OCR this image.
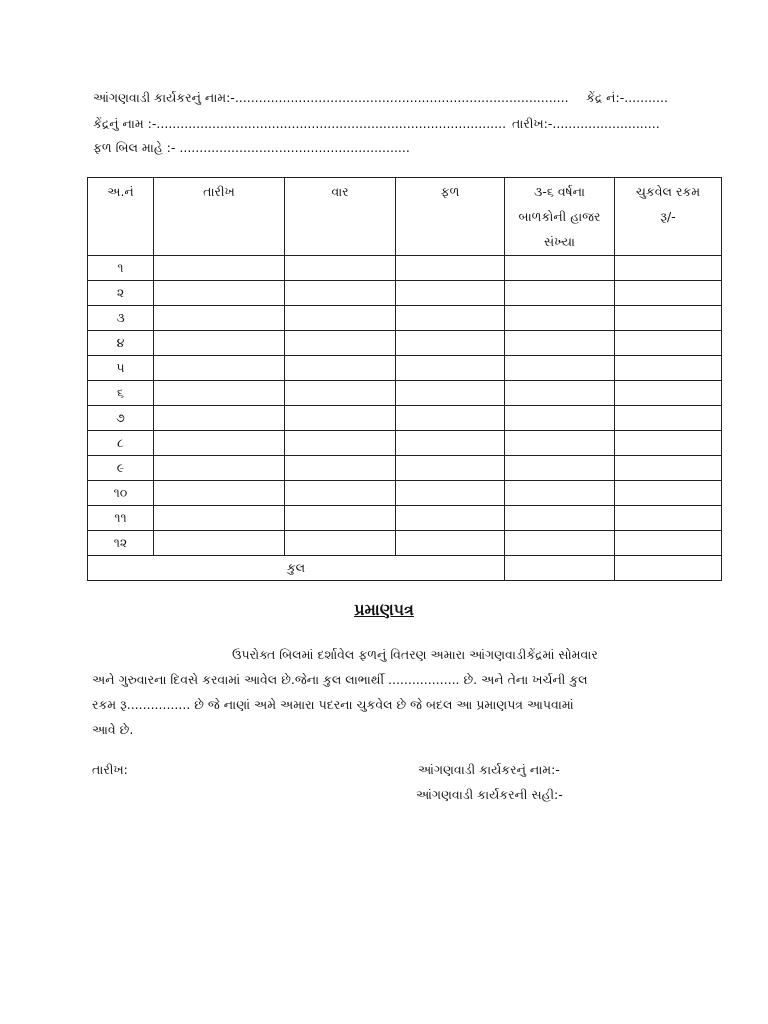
આંગણવાડી કાર્યકરનું નામ:-.................................................................................... કેંદ્ર નં:-...........
કેંદ્રનું નામ :-........................................................................................ તારીખ:-...........................
ફળ બિલ માહે :- ..........................................................
અ.નં	તારીખ	વાર	ફળ	૩-૬ વર્ષના
બાળકોની હાજર
સંખ્યા	ચુકવેલ રકમ
રૂ/-
૧					
૨					
૩					
૪					
૫					
૬					
૭					
૮					
૯					
૧૦					
૧૧					
૧૨					
કુલ					
પ્રમાણપત્ર
ઉપરોક્ત બિલમાં દર્શાવેલ ફળનું વિતરણ અમારા આંગણવાડીકેંદ્રમાં સોમવાર
અને ગુરુવારના દિવસે કરવામાં આવેલ છે.જેના કુલ લાભાર્થી .................. છે. અને તેના ખર્ચની કુલ
રકમ રૂ................ છે જે નાણાં અમે અમારા પદરના ચુકવેલ છે જે બદલ આ પ્રમાણપત્ર આપવામાં
આવે છે.
તારીખ:	આંગણવાડી કાર્યકરનું નામ:-
આંગણવાડી કાર્યકરની સહી:-
